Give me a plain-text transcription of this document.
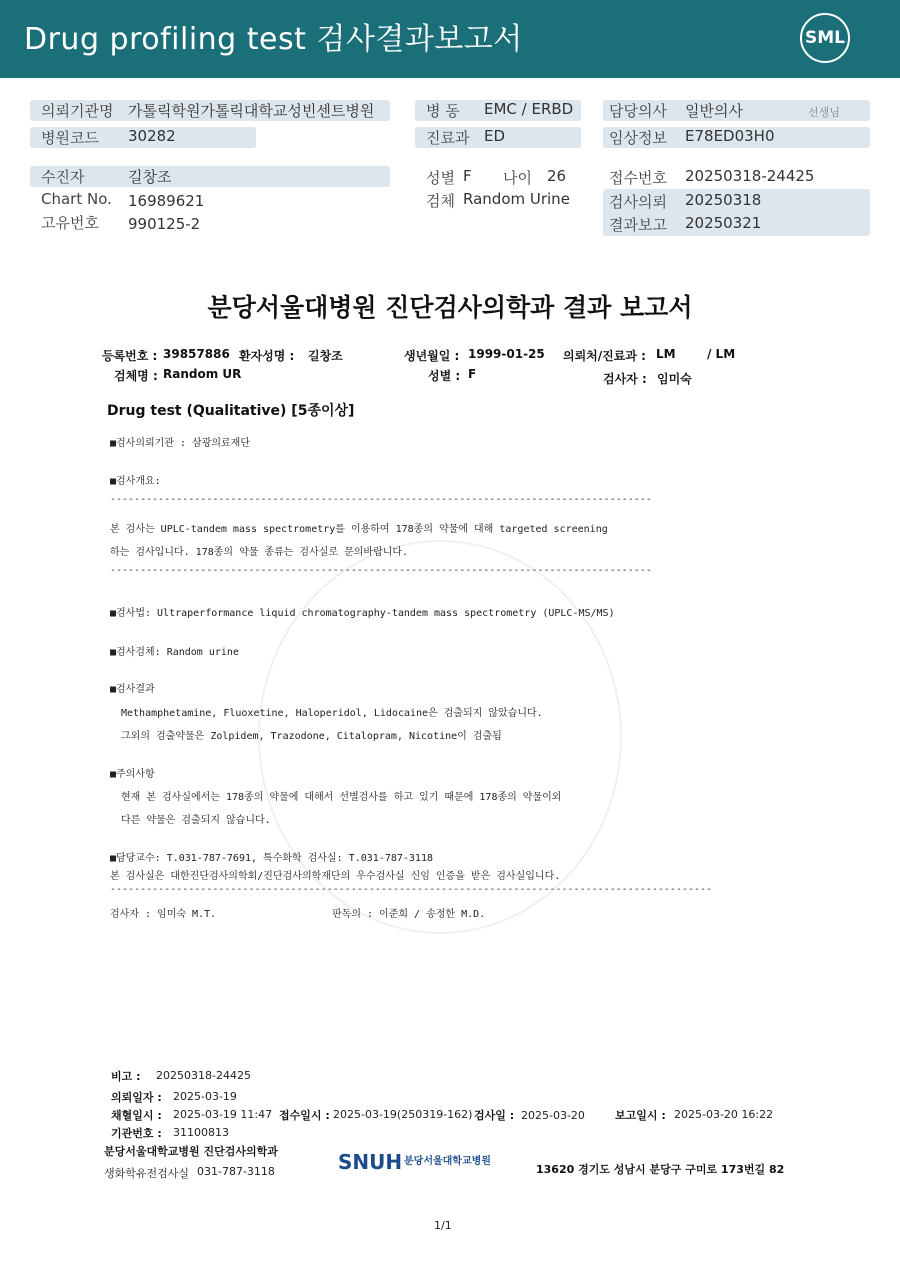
Drug profiling test 검사결과보고서	SML
의뢰기관명 가톨릭학원가톨릭대학교성빈센트병원
병원코드 30282
병 동 EMC / ERBD
진료과 ED
담당의사 일반의사	선생님
임상정보 E78ED03H0
수진자	길창조
Chart No. 16989621
고유번호 990125-2
성별 F 나이 26
검체 Random Urine
접수번호 20250318-24425
검사의뢰 20250318
결과보고 20250321
분당서울대병원 진단검사의학과 결과 보고서
등록번호 : 39857886 환자성명 : 길창조	생년월일 : 1999-01-25 의뢰처/진료과 : LM	/ LM
검체명 : Random UR	성별 : F	검사자 : 임미숙
Drug test (Qualitative) [5종이상]
■검사의뢰기관 : 삼광의료재단
■검사개요:
------------------------------------------------------------------------------------------
본 검사는 UPLC-tandem mass spectrometry를 이용하여 178종의 약물에 대해 targeted screening
하는 검사입니다. 178종의 약물 종류는 검사실로 문의바랍니다.
------------------------------------------------------------------------------------------
■검사법: Ultraperformance liquid chromatography-tandem mass spectrometry (UPLC-MS/MS)
■검사검체: Random urine
■검사결과
Methamphetamine, Fluoxetine, Haloperidol, Lidocaine은 검출되지 않았습니다.
그외의 검출약물은 Zolpidem, Trazodone, Citalopram, Nicotine이 검출됨
■주의사항
현재 본 검사실에서는 178종의 약물에 대해서 선별검사를 하고 있기 때문에 178종의 약물이외
다른 약물은 검출되지 않습니다.
■담당교수: T.031-787-7691, 특수화학 검사실: T.031-787-3118
본 검사실은 대한진단검사의학회/진단검사의학재단의 우수검사실 신임 인증을 받은 검사실입니다.
----------------------------------------------------------------------------------------------------
검사자 : 임미숙 M.T.	판독의 : 이준희 / 송정한 M.D.
비고 : 20250318-24425
의뢰일자 : 2025-03-19
채혈일시 : 2025-03-19 11:47 접수일시 : 2025-03-19(250319-162) 검사일 : 2025-03-20	보고일시 : 2025-03-20 16:22
기관번호 : 31100813
분당서울대학교병원 진단검사의학과
생화학유전검사실 031-787-3118	SNUH 분당서울대학교병원
13620 경기도 성남시 분당구 구미로 173번길 82
1/1
